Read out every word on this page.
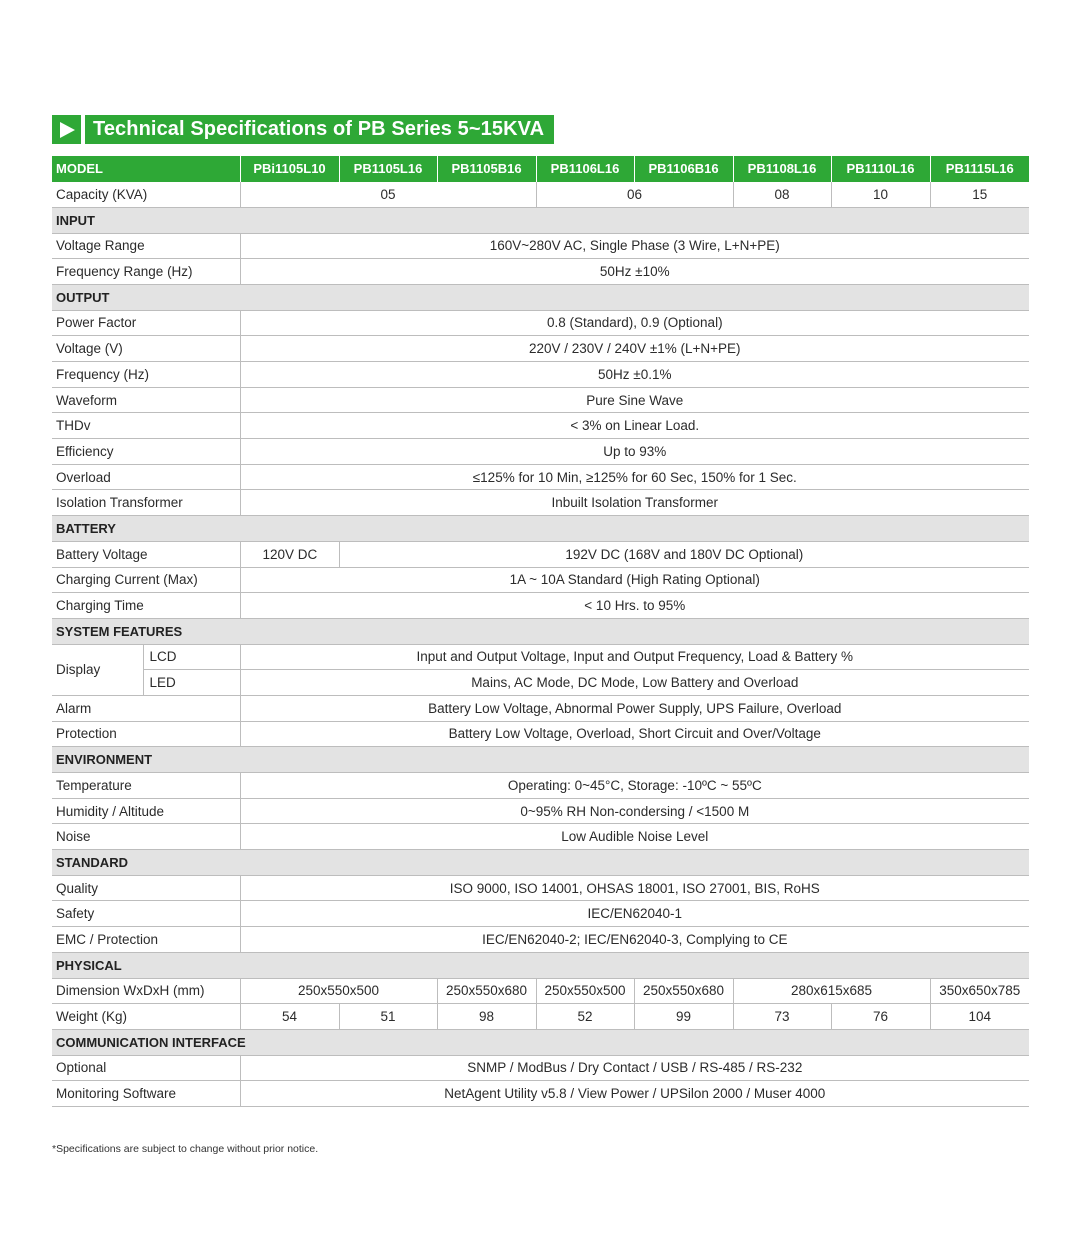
Technical Specifications of PB Series 5~15KVA
MODEL		PBi1105L10	PB1105L16	PB1105B16	PB1106L16	PB1106B16	PB1108L16	PB1110L16	PB1115L16
Capacity (KVA)		05			06		08	10	15
INPUT									
Voltage Range		160V~280V AC, Single Phase (3 Wire, L+N+PE)							
Frequency Range (Hz)		50Hz ±10%							
OUTPUT									
Power Factor		0.8 (Standard), 0.9 (Optional)							
Voltage (V)		220V / 230V / 240V ±1% (L+N+PE)							
Frequency (Hz)		50Hz ±0.1%							
Waveform		Pure Sine Wave							
THDv		< 3% on Linear Load.							
Efficiency		Up to 93%							
Overload		≤125% for 10 Min, ≥125% for 60 Sec, 150% for 1 Sec.							
Isolation Transformer		Inbuilt Isolation Transformer							
BATTERY									
Battery Voltage		120V DC	192V DC (168V and 180V DC Optional)						
Charging Current (Max)		1A ~ 10A Standard (High Rating Optional)							
Charging Time		< 10 Hrs. to 95%							
SYSTEM FEATURES									
Display	LCD	Input and Output Voltage, Input and Output Frequency, Load & Battery %							
	LED	Mains, AC Mode, DC Mode, Low Battery and Overload							
Alarm		Battery Low Voltage, Abnormal Power Supply, UPS Failure, Overload							
Protection		Battery Low Voltage, Overload, Short Circuit and Over/Voltage							
ENVIRONMENT									
Temperature		Operating: 0~45°C, Storage: -10ºC ~ 55ºC							
Humidity / Altitude		0~95% RH Non-condersing / <1500 M							
Noise		Low Audible Noise Level							
STANDARD									
Quality		ISO 9000, ISO 14001, OHSAS 18001, ISO 27001, BIS, RoHS							
Safety		IEC/EN62040-1							
EMC / Protection		IEC/EN62040-2; IEC/EN62040-3, Complying to CE							
PHYSICAL									
Dimension WxDxH (mm)		250x550x500		250x550x680	250x550x500	250x550x680	280x615x685		350x650x785
Weight (Kg)		54	51	98	52	99	73	76	104
COMMUNICATION INTERFACE									
Optional		SNMP / ModBus / Dry Contact / USB / RS-485 / RS-232							
Monitoring Software		NetAgent Utility v5.8 / View Power / UPSilon 2000 / Muser 4000							
*Specifications are subject to change without prior notice.
